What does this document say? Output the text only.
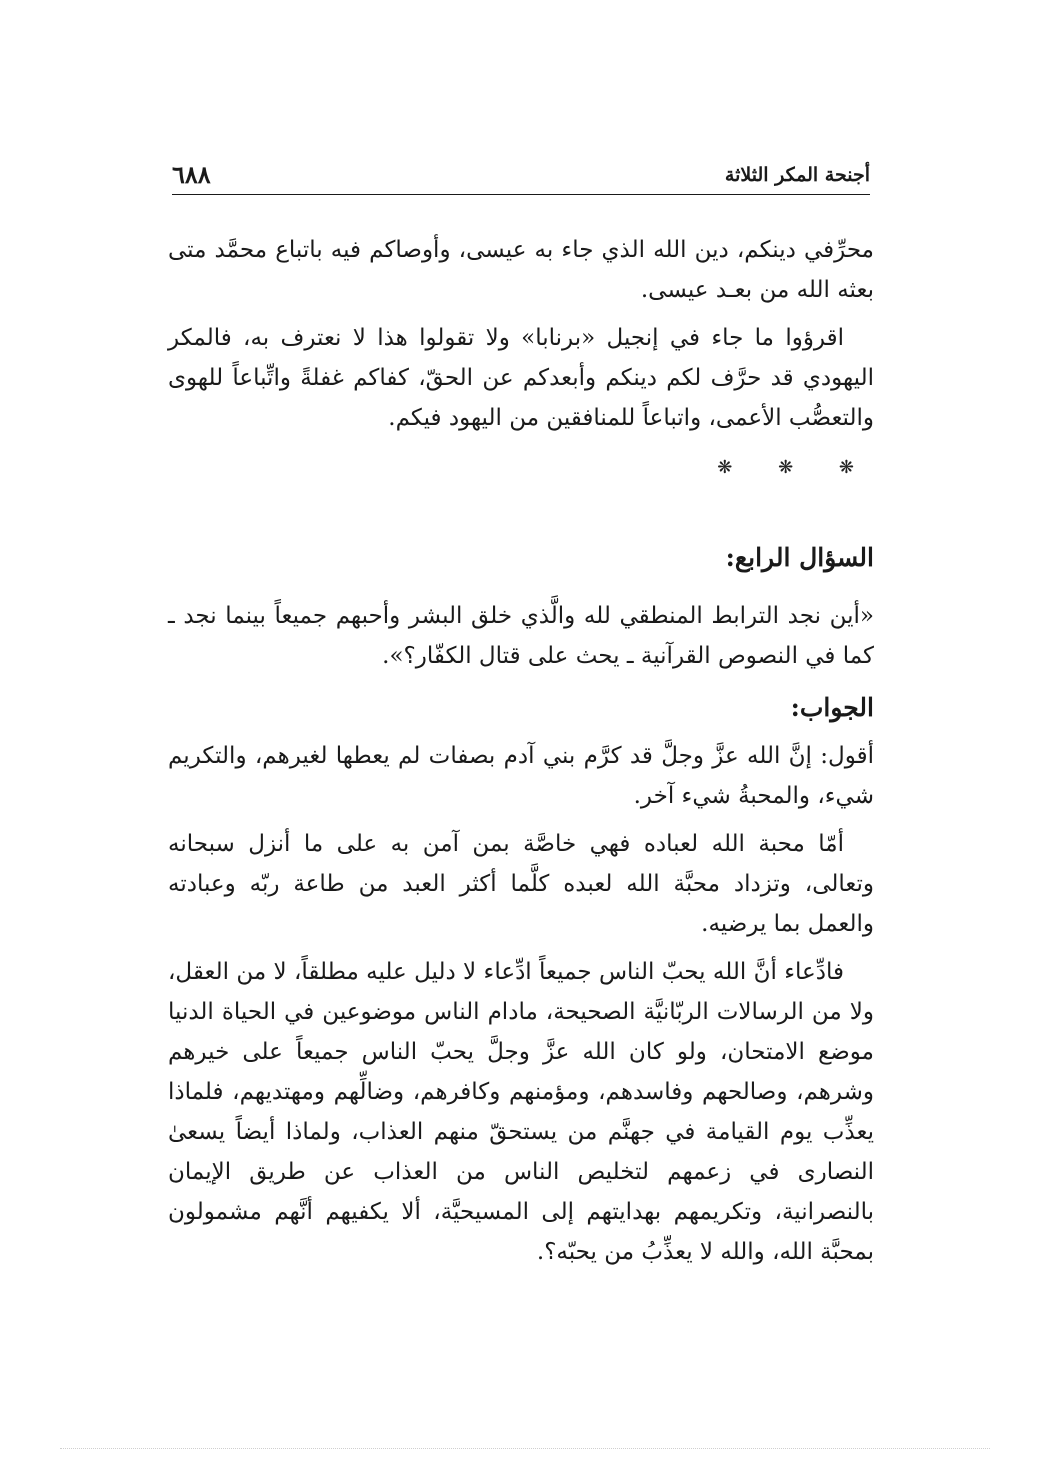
٦٨٨	أجنحة المكر الثلاثة

محرِّفي دينكم، دين الله الذي جاء به عيسى، وأوصاكم فيه باتباع محمَّد متى بعثه الله من بعـد عيسى.

اقرؤوا ما جاء في إنجيل «برنابا» ولا تقولوا هذا لا نعترف به، فالمكر اليهودي قد حرَّف لكم دينكم وأبعدكم عن الحقّ، كفاكم غفلةً واتِّباعاً للهوى والتعصُّب الأعمى، واتباعاً للمنافقين من اليهود فيكم.

❋ ❋ ❋
السؤال الرابع:

«أين نجد الترابط المنطقي لله والَّذي خلق البشر وأحبهم جميعاً بينما نجد ـ كما في النصوص القرآنية ـ يحث على قتال الكفّار؟».

الجواب:

أقول: إنَّ الله عزَّ وجلَّ قد كرَّم بني آدم بصفات لم يعطها لغيرهم، والتكريم شيء، والمحبةُ شيء آخر.

أمّا محبة الله لعباده فهي خاصَّة بمن آمن به على ما أنزل سبحانه وتعالى، وتزداد محبَّة الله لعبده كلَّما أكثر العبد من طاعة ربّه وعبادته والعمل بما يرضيه.

فادِّعاء أنَّ الله يحبّ الناس جميعاً ادِّعاء لا دليل عليه مطلقاً، لا من العقل، ولا من الرسالات الربّانيَّة الصحيحة، مادام الناس موضوعين في الحياة الدنيا موضع الامتحان، ولو كان الله عزَّ وجلَّ يحبّ الناس جميعاً على خيرهم وشرهم، وصالحهم وفاسدهم، ومؤمنهم وكافرهم، وضالِّهم ومهتديهم، فلماذا يعذِّب يوم القيامة في جهنَّم من يستحقّ منهم العذاب، ولماذا أيضاً يسعىٰ النصارى في زعمهم لتخليص الناس من العذاب عن طريق الإيمان بالنصرانية، وتكريمهم بهدايتهم إلى المسيحيَّة، ألا يكفيهم أنَّهم مشمولون بمحبَّة الله، والله لا يعذِّبُ من يحبّه؟.
